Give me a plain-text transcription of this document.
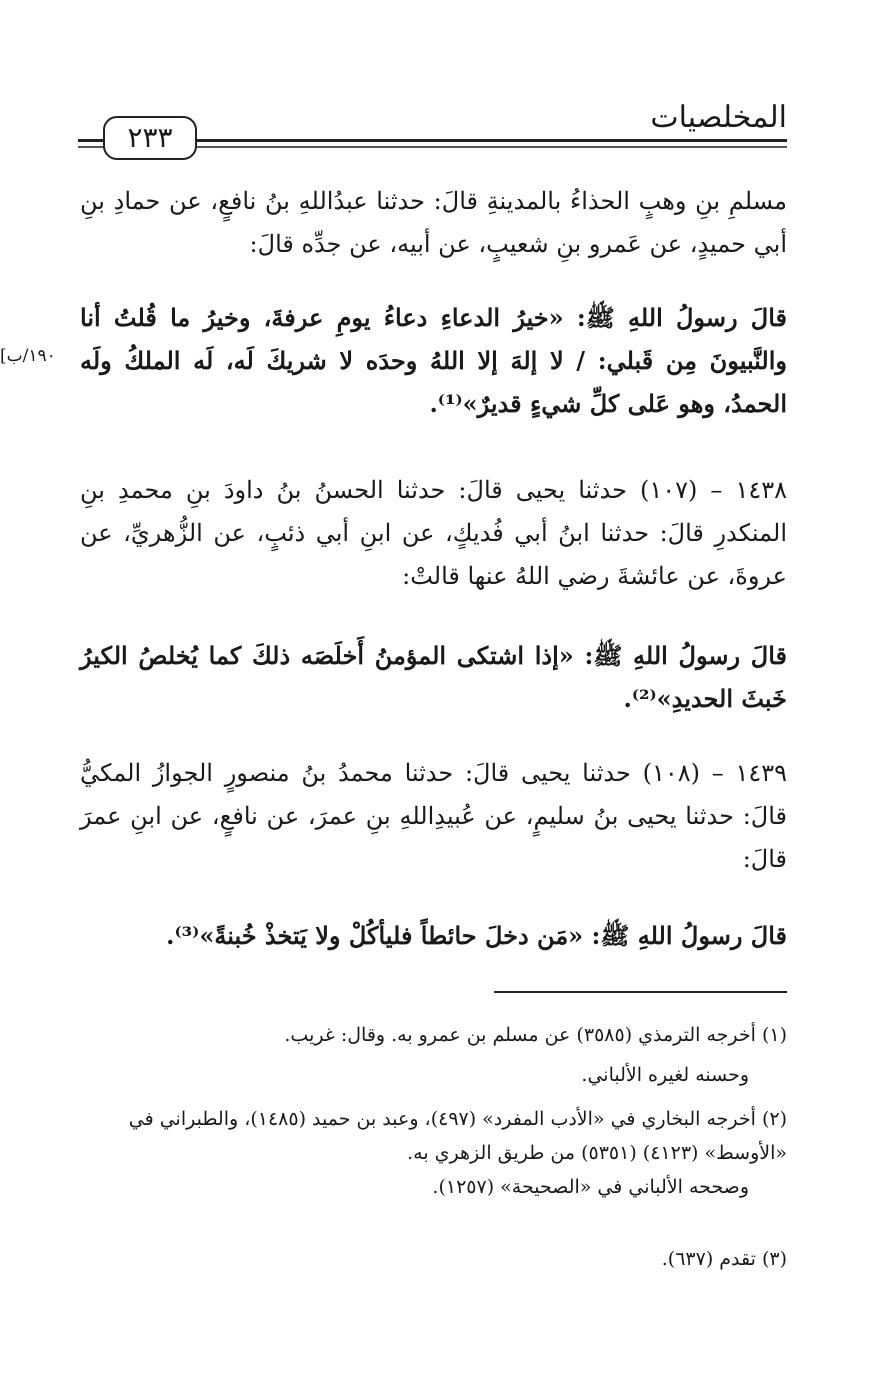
المخلصيات
٢٣٣

مسلمِ بنِ وهبٍ الحذاءُ بالمدينةِ قالَ: حدثنا عبدُاللهِ بنُ نافعٍ، عن حمادِ بنِ أبي حميدٍ، عن عَمرو بنِ شعيبٍ، عن أبيه، عن جدِّه قالَ:

قالَ رسولُ اللهِ ﷺ: «خيرُ الدعاءِ دعاءُ يومِ عرفةَ، وخيرُ ما قُلتُ أنا والنَّبيونَ مِن قَبلي: / لا إلهَ إلا اللهُ وحدَه لا شريكَ لَه، لَه الملكُ ولَه الحمدُ، وهو عَلى كلِّ شيءٍ قديرٌ»⁽¹⁾.

[١٩٠/ب

١٤٣٨ – (١٠٧) حدثنا يحيى قالَ: حدثنا الحسنُ بنُ داودَ بنِ محمدِ بنِ المنكدرِ قالَ: حدثنا ابنُ أبي فُديكٍ، عن ابنِ أبي ذئبٍ، عن الزُّهريِّ، عن عروةَ، عن عائشةَ رضي اللهُ عنها قالتْ:

قالَ رسولُ اللهِ ﷺ: «إذا اشتكى المؤمنُ أَخلَصَه ذلكَ كما يُخلصُ الكيرُ خَبثَ الحديدِ»⁽²⁾.

١٤٣٩ – (١٠٨) حدثنا يحيى قالَ: حدثنا محمدُ بنُ منصورٍ الجوازُ المكيُّ قالَ: حدثنا يحيى بنُ سليمٍ، عن عُبيدِاللهِ بنِ عمرَ، عن نافعٍ، عن ابنِ عمرَ قالَ:

قالَ رسولُ اللهِ ﷺ: «مَن دخلَ حائطاً فليأكُلْ ولا يَتخذْ خُبنةً»⁽³⁾.

(١)أخرجه الترمذي (٣٥٨٥) عن مسلم بن عمرو به. وقال: غريب.

وحسنه لغيره الألباني.

(٢)أخرجه البخاري في «الأدب المفرد» (٤٩٧)، وعبد بن حميد (١٤٨٥)، والطبراني في «الأوسط» (٤١٢٣) (٥٣٥١) من طريق الزهري به.
وصححه الألباني في «الصحيحة» (١٢٥٧).

(٣)تقدم (٦٣٧).
